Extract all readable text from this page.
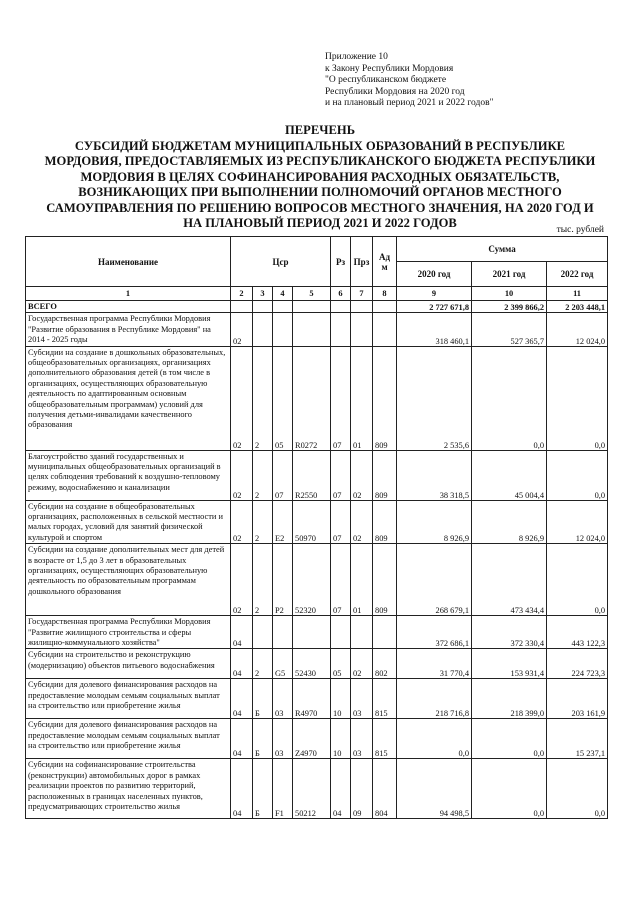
Приложение 10
к Закону Республики Мордовия
"О республиканском бюджете
Республики Мордовия на 2020 год
и на плановый период 2021 и 2022 годов"
ПЕРЕЧЕНЬ
СУБСИДИЙ БЮДЖЕТАМ МУНИЦИПАЛЬНЫХ ОБРАЗОВАНИЙ В РЕСПУБЛИКЕ
МОРДОВИЯ, ПРЕДОСТАВЛЯЕМЫХ ИЗ РЕСПУБЛИКАНСКОГО БЮДЖЕТА РЕСПУБЛИКИ
МОРДОВИЯ В ЦЕЛЯХ СОФИНАНСИРОВАНИЯ РАСХОДНЫХ ОБЯЗАТЕЛЬСТВ,
ВОЗНИКАЮЩИХ ПРИ ВЫПОЛНЕНИИ ПОЛНОМОЧИЙ ОРГАНОВ МЕСТНОГО
САМОУПРАВЛЕНИЯ ПО РЕШЕНИЮ ВОПРОСОВ МЕСТНОГО ЗНАЧЕНИЯ, НА 2020 ГОД И
НА ПЛАНОВЫЙ ПЕРИОД 2021 И 2022 ГОДОВ	тыс. рублей
Наименование	Цср				Рз	Прз	Ад м	Сумма		
								2020 год	2021 год	2022 год
1	2	3	4	5	6	7	8	9	10	11
ВСЕГО								2 727 671,8	2 399 866,2	2 203 448,1
Государственная программа Республики Мордовия "Развитие образования в Республике Мордовия" на 2014 - 2025 годы	02							318 460,1	527 365,7	12 024,0
Субсидии на создание в дошкольных образовательных, общеобразовательных организациях, организациях дополнительного образования детей (в том числе в организациях, осуществляющих образовательную деятельность по адаптированным основным общеобразовательным программам) условий для получения детьми-инвалидами качественного образования	02	2	05	R0272	07	01	809	2 535,6	0,0	0,0
Благоустройство зданий государственных и муниципальных общеобразовательных организаций в целях соблюдения требований к воздушно-тепловому режиму, водоснабжению и канализации	02	2	07	R2550	07	02	809	38 318,5	45 004,4	0,0
Субсидии на создание в общеобразовательных организациях, расположенных в сельской местности и малых городах, условий для занятий физической культурой и спортом	02	2	E2	50970	07	02	809	8 926,9	8 926,9	12 024,0
Субсидии на создание дополнительных мест для детей в возрасте от 1,5 до 3 лет в образовательных организациях, осуществляющих образовательную деятельность по образовательным программам дошкольного образования	02	2	P2	52320	07	01	809	268 679,1	473 434,4	0,0
Государственная программа Республики Мордовия "Развитие жилищного строительства и сферы жилищно-коммунального хозяйства"	04							372 686,1	372 330,4	443 122,3
Субсидии на строительство и реконструкцию (модернизацию) объектов питьевого водоснабжения	04	2	G5	52430	05	02	802	31 770,4	153 931,4	224 723,3
Субсидии для долевого финансирования расходов на предоставление молодым семьям социальных выплат на строительство или приобретение жилья	04	Б	03	R4970	10	03	815	218 716,8	218 399,0	203 161,9
Субсидии для долевого финансирования расходов на предоставление молодым семьям социальных выплат на строительство или приобретение жилья	04	Б	03	Z4970	10	03	815	0,0	0,0	15 237,1
Субсидии на софинансирование строительства (реконструкции) автомобильных дорог в рамках реализации проектов по развитию территорий, расположенных в границах населенных пунктов, предусматривающих строительство жилья	04	Б	F1	50212	04	09	804	94 498,5	0,0	0,0
